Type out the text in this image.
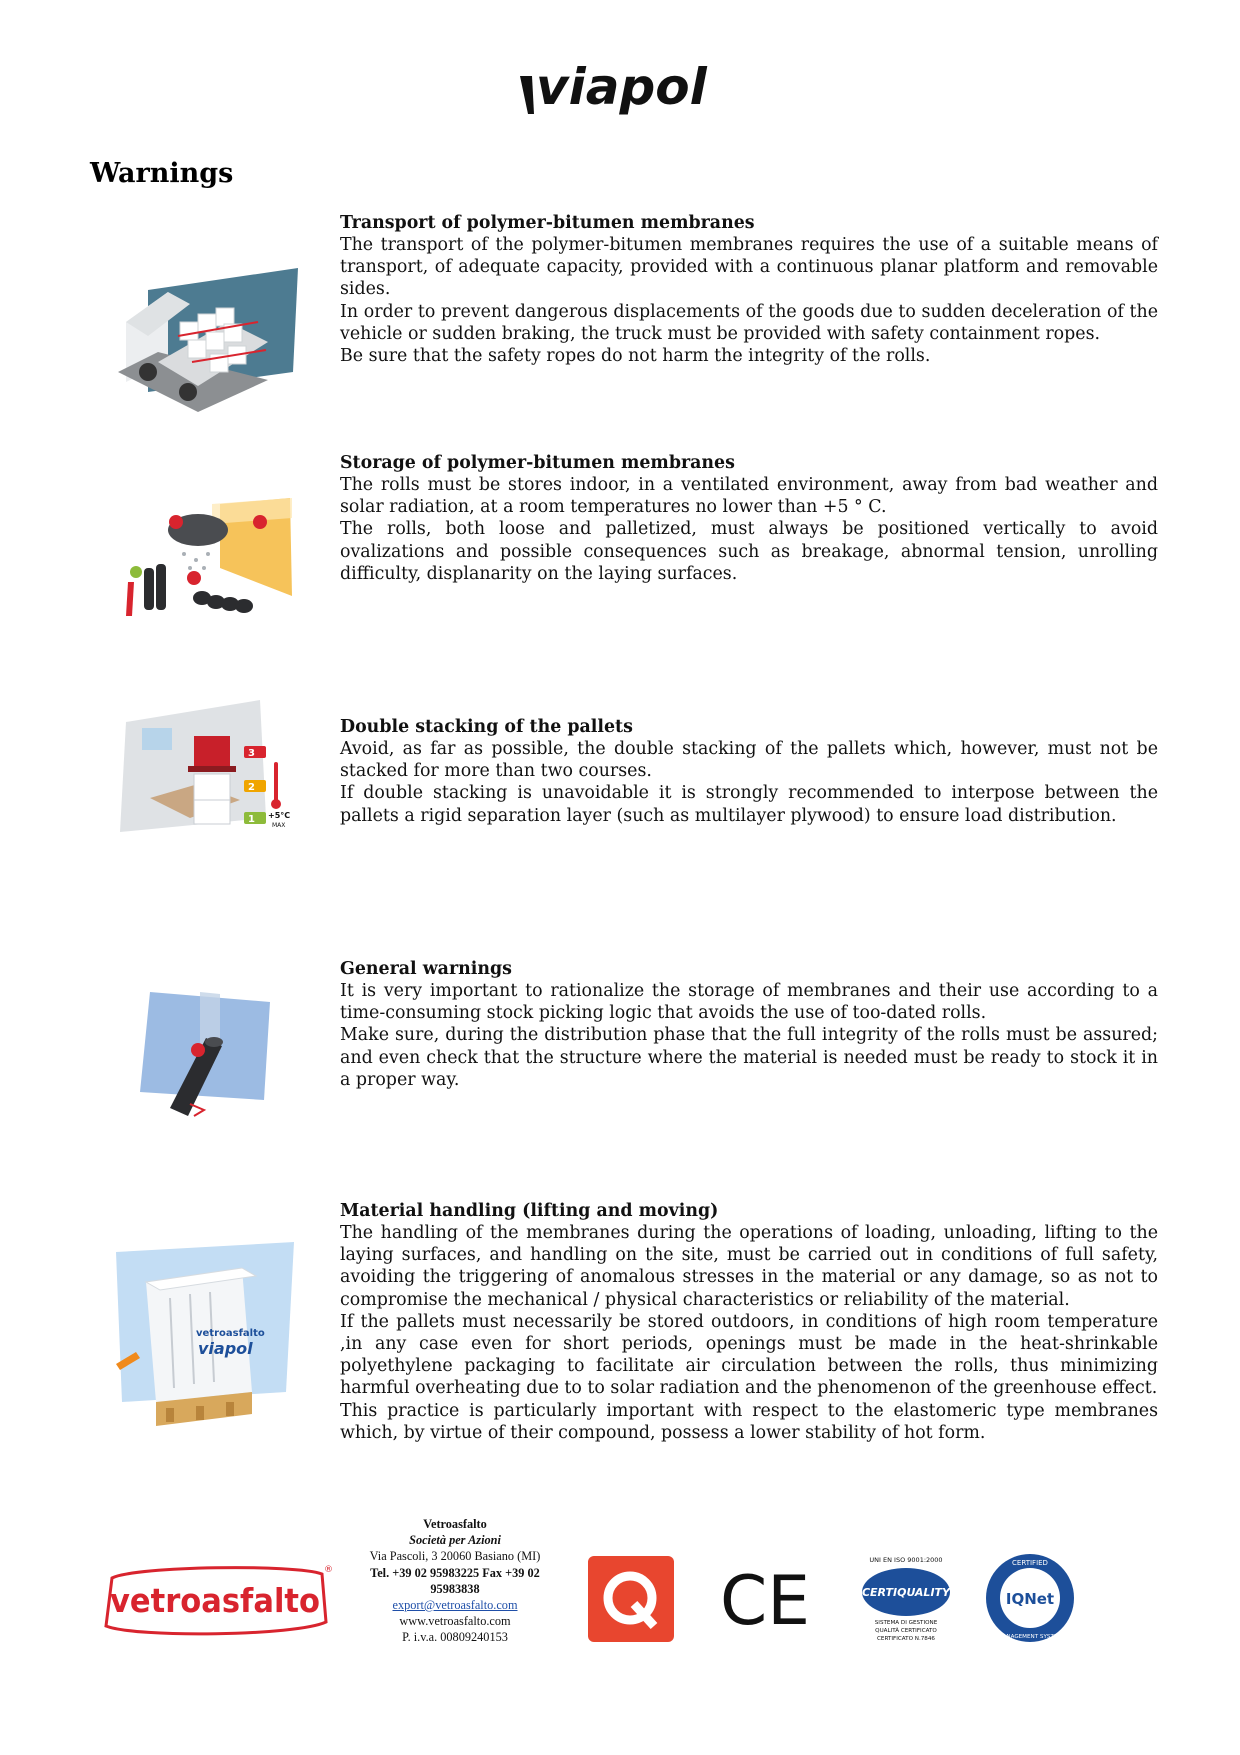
viapol
Warnings
Transport of polymer-bitumen membranes

The transport of the polymer-bitumen membranes requires the use of a suitable means of transport, of adequate capacity, provided with a continuous planar platform and removable sides.

In order to prevent dangerous displacements of the goods due to sudden deceleration of the vehicle or sudden braking, the truck must be provided with safety containment ropes.

Be sure that the safety ropes do not harm the integrity of the rolls.

Storage of polymer-bitumen membranes

The rolls must be stores indoor, in a ventilated environment, away from bad weather and solar radiation, at a room temperatures no lower than +5 ° C.

The rolls, both loose and palletized, must always be positioned vertically to avoid ovalizations and possible consequences such as breakage, abnormal tension, unrolling difficulty, displanarity on the laying surfaces.

3
2
1 +5°C
MAX
Double stacking of the pallets

Avoid, as far as possible, the double stacking of the pallets which, however, must not be stacked for more than two courses.

If double stacking is unavoidable it is strongly recommended to interpose between the pallets a rigid separation layer (such as multilayer plywood) to ensure load distribution.

General warnings

It is very important to rationalize the storage of membranes and their use according to a time-consuming stock picking logic that avoids the use of too-dated rolls.

Make sure, during the distribution phase that the full integrity of the rolls must be assured; and even check that the structure where the material is needed must be ready to stock it in a proper way.

vetroasfalto
viapol
Material handling (lifting and moving)

The handling of the membranes during the operations of loading, unloading, lifting to the laying surfaces, and handling on the site, must be carried out in conditions of full safety, avoiding the triggering of anomalous stresses in the material or any damage, so as not to compromise the mechanical / physical characteristics or reliability of the material.

If the pallets must necessarily be stored outdoors, in conditions of high room temperature ,in any case even for short periods, openings must be made in the heat-shrinkable polyethylene packaging to facilitate air circulation between the rolls, thus minimizing harmful overheating due to to solar radiation and the phenomenon of the greenhouse effect.

This practice is particularly important with respect to the elastomeric type membranes which, by virtue of their compound, possess a lower stability of hot form.

vetroasfalto
®
Vetroasfalto
Società per Azioni
Via Pascoli, 3 20060 Basiano (MI)
Tel. +39 02 95983225 Fax +39 02 95983838
export@vetroasfalto.com
www.vetroasfalto.com
P. i.v.a. 00809240153	CE
UNI EN ISO 9001:2000
CERTIQUALITY
SISTEMA DI GESTIONE
QUALITÀ CERTIFICATO
CERTIFICATO N.7846
IQNet
CERTIFIED
MANAGEMENT SYSTEM
